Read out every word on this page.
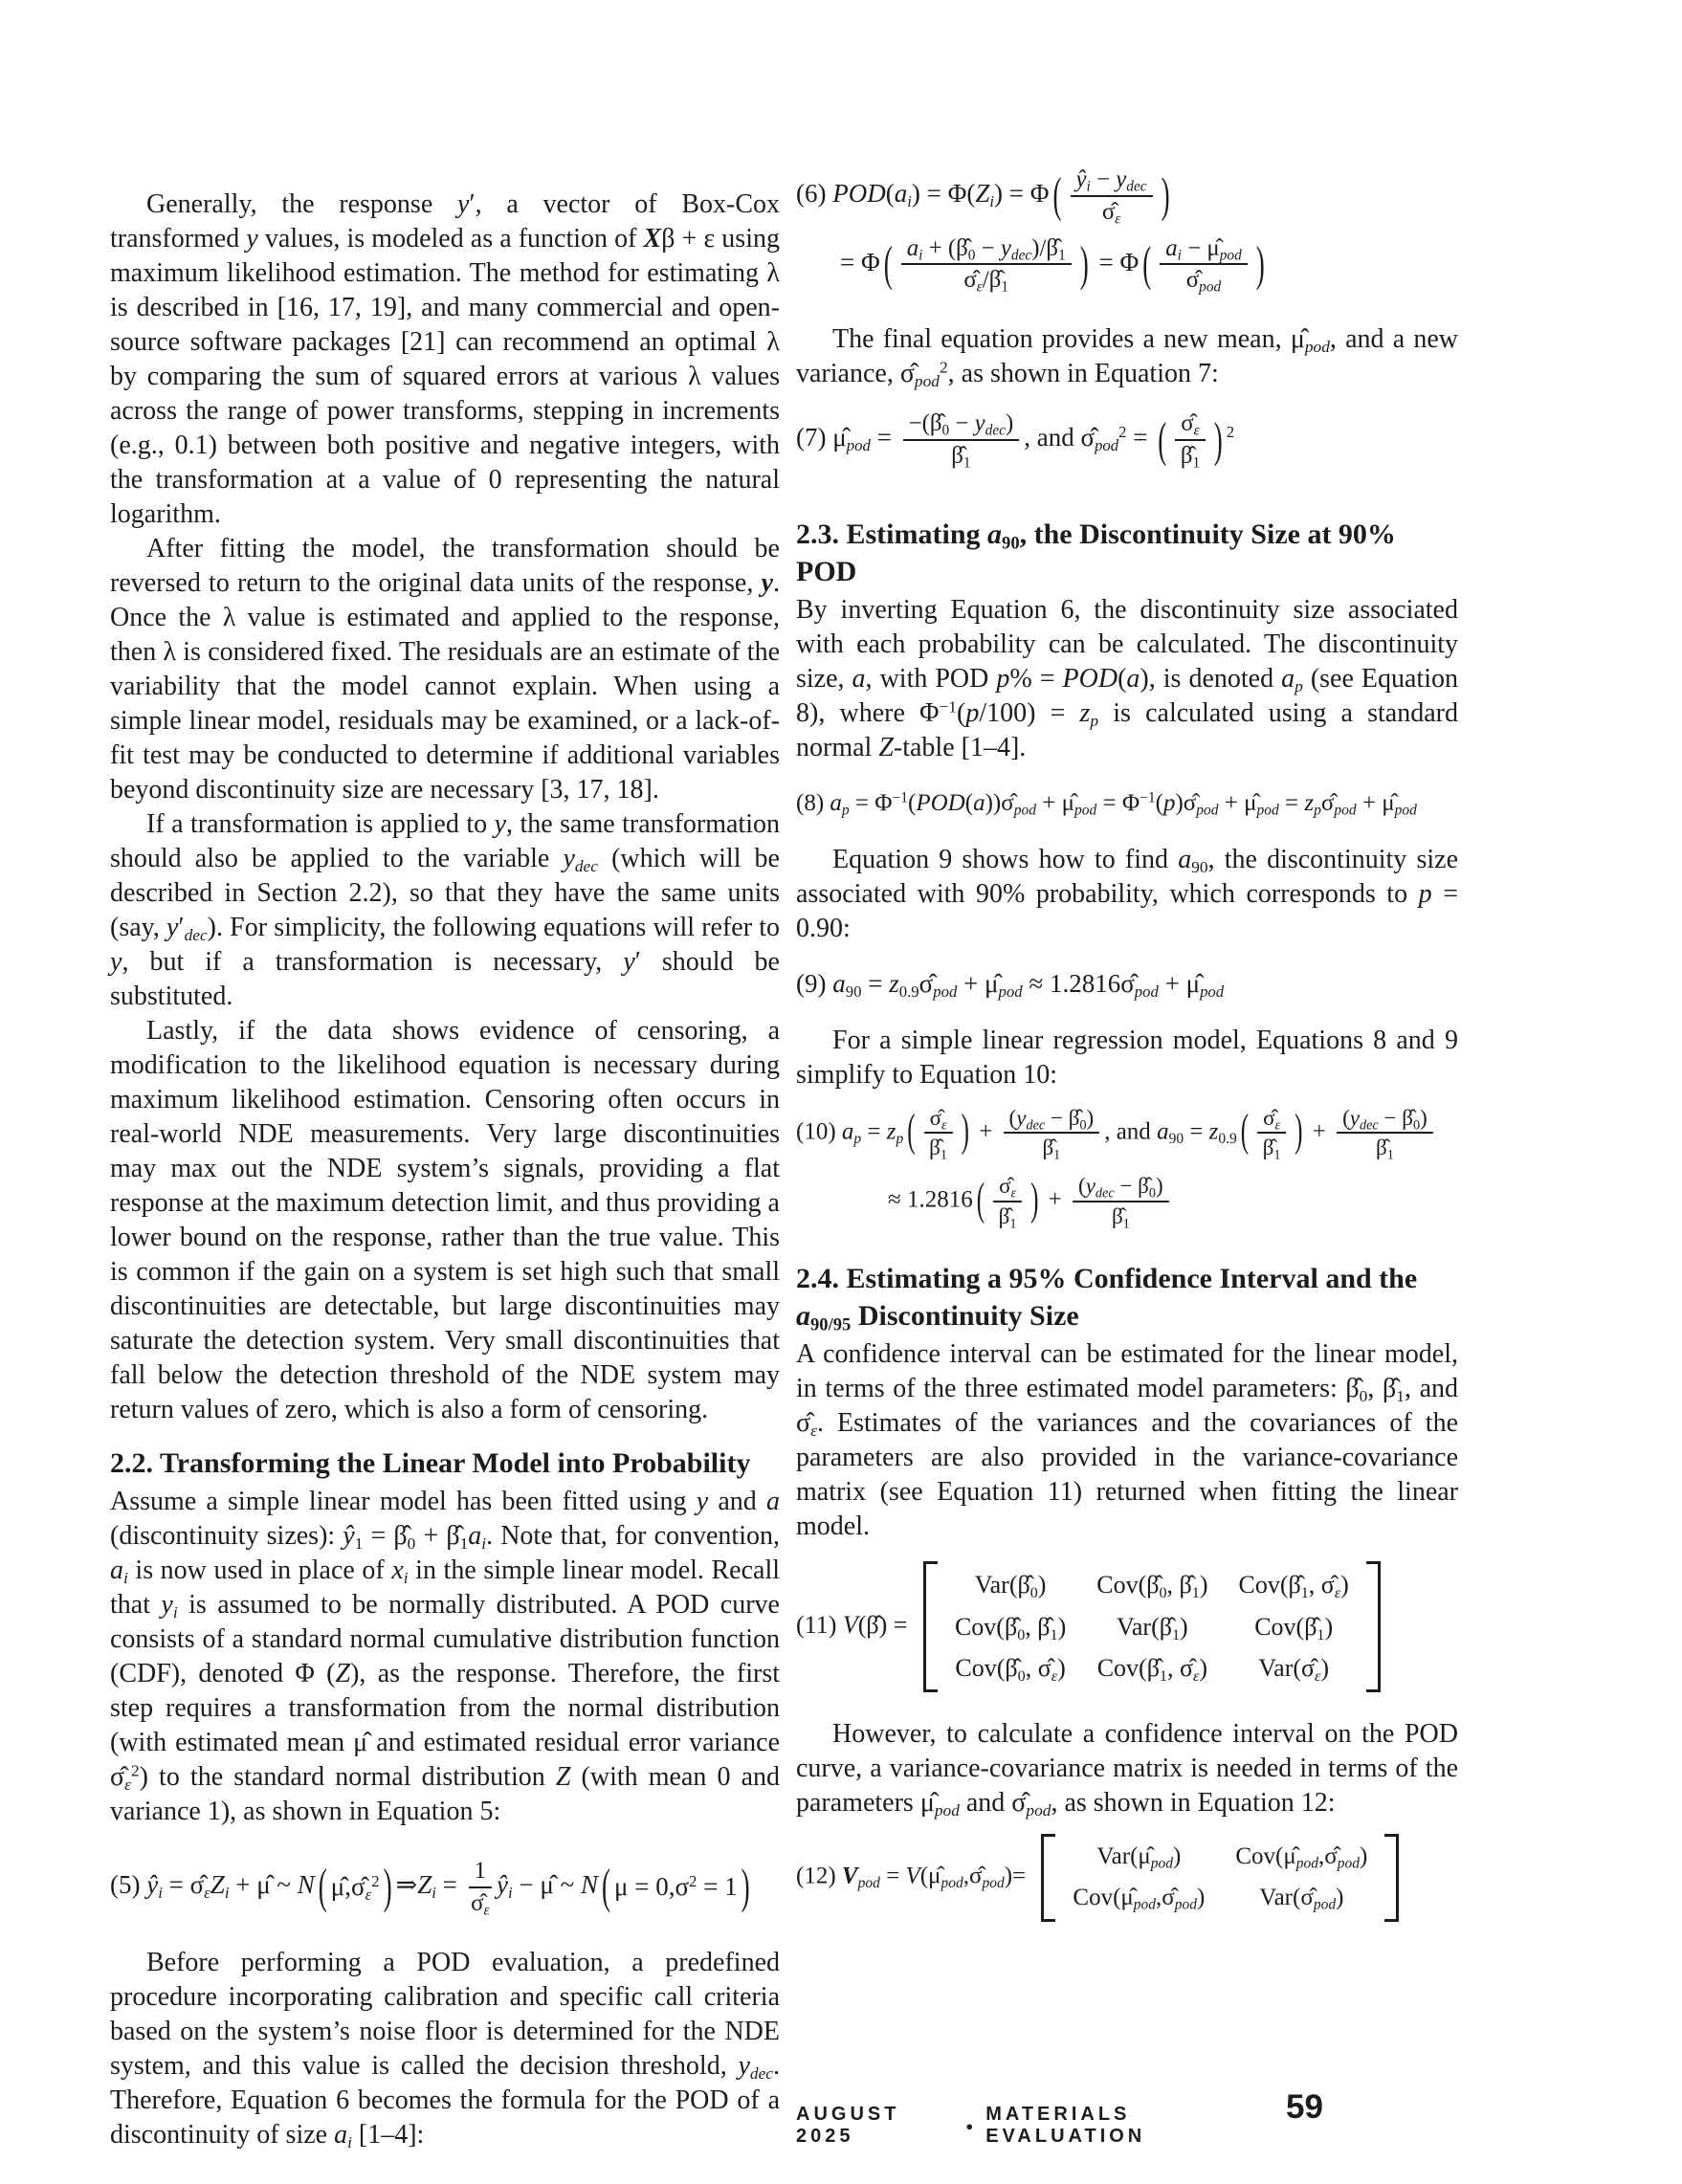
Generally, the response y′, a vector of Box-Cox transformed y values, is modeled as a function of Xβ + ε using maximum likelihood estimation. The method for estimating λ is described in [16, 17, 19], and many commercial and open-source software packages [21] can recommend an optimal λ by comparing the sum of squared errors at various λ values across the range of power transforms, stepping in increments (e.g., 0.1) between both positive and negative integers, with the transformation at a value of 0 representing the natural logarithm.

After fitting the model, the transformation should be reversed to return to the original data units of the response, y. Once the λ value is estimated and applied to the response, then λ is considered fixed. The residuals are an estimate of the variability that the model cannot explain. When using a simple linear model, residuals may be examined, or a lack-of-fit test may be conducted to determine if additional variables beyond discontinuity size are necessary [3, 17, 18].

If a transformation is applied to y, the same transformation should also be applied to the variable $y_{dec}$ (which will be described in Section 2.2), so that they have the same units (say, $y'_{dec}$). For simplicity, the following equations will refer to y, but if a transformation is necessary, y′ should be substituted.

Lastly, if the data shows evidence of censoring, a modification to the likelihood equation is necessary during maximum likelihood estimation. Censoring often occurs in real-world NDE measurements. Very large discontinuities may max out the NDE system’s signals, providing a flat response at the maximum detection limit, and thus providing a lower bound on the response, rather than the true value. This is common if the gain on a system is set high such that small discontinuities are detectable, but large discontinuities may saturate the detection system. Very small discontinuities that fall below the detection threshold of the NDE system may return values of zero, which is also a form of censoring.

2.2. Transforming the Linear Model into Probability

Assume a simple linear model has been fitted using y and a (discontinuity sizes): $ŷ_1$ = $\betâ_0$ + $\betâ_1a_i$. Note that, for convention, $a_i$ is now used in place of $x_i$ in the simple linear model. Recall that $y_i$ is assumed to be normally distributed. A POD curve consists of a standard normal cumulative distribution function (CDF), denoted Φ (Z), as the response. Therefore, the first step requires a transformation from the normal distribution (with estimated mean μ̂ and estimated residual error variance $\sigmâ_\varepsilon^2$) to the standard normal distribution Z (with mean 0 and variance 1), as shown in Equation 5:

(5) $ŷ_i$ = $\sigmâ_\varepsilon Z_i$ + μ̂ ~ N ( $\mû,\sigmâ_\varepsilon^2$ ) $\Rightarrow Z_i = \frac{1}{\sigmâ_\varepsilon}$ $ŷ_i$ − μ̂ ~ N ( $\mu = 0,\sigma^2 = 1$ )

Before performing a POD evaluation, a predefined procedure incorporating calibration and specific call criteria based on the system’s noise floor is determined for the NDE system, and this value is called the decision threshold, $y_{dec}$. Therefore, Equation 6 becomes the formula for the POD of a discontinuity of size $a_i$ [1–4]:

(6) $POD(a_i) = \Phi(Z_i) = \Phi$ ( $\frac{ŷ_i - y_{dec}}{\sigmâ_\varepsilon}$ )
= Φ ( $\frac{a_i + (\betâ_0 - y_{dec})/\betâ_1}{\sigmâ_\varepsilon/\betâ_1}$ ) = Φ ( $\frac{a_i - \mû_{pod}}{\sigmâ_{pod}}$ )

The final equation provides a new mean, $\mû_{pod}$, and a new variance, $\sigmâ_{pod}^2$, as shown in Equation 7:

(7) $\mû_{pod} = \frac{-(\betâ_0 - y_{dec})}{\betâ_1}$ , and $\sigmâ_{pod}^2$ = ( $\frac{\sigmâ_\varepsilon}{\betâ_1}$ ) $^2$
2.3. Estimating $a_{90}$, the Discontinuity Size at 90% POD

By inverting Equation 6, the discontinuity size associated with each probability can be calculated. The discontinuity size, a, with POD p% = POD(a), is denoted $a_p$ (see Equation 8), where $\Phi^{-1}(p/100) = z_p$ is calculated using a standard normal Z-table [1–4].

(8) $a_p$ = $\Phi^{-1}(POD(a))\sigmâ_{pod}$ + $\mû_{pod}$ = $\Phi^{-1}(p)\sigmâ_{pod}$ + $\mû_{pod}$ = $z_p\sigmâ_{pod}$ + $\mû_{pod}$

Equation 9 shows how to find $a_{90}$, the discontinuity size associated with 90% probability, which corresponds to p = 0.90:

(9) $a_{90}$ = $z_{0.9}\sigmâ_{pod}$ + $\mû_{pod}$ ≈ $1.2816\sigmâ_{pod}$ + $\mû_{pod}$

For a simple linear regression model, Equations 8 and 9 simplify to Equation 10:

(10) $a_p = z_p$ ( $\frac{\sigmâ_\varepsilon}{\betâ_1}$ ) + $\frac{(y_{dec} - \betâ_0)}{\betâ_1}$ , and $a_{90} = z_{0.9}$ ( $\frac{\sigmâ_\varepsilon}{\betâ_1}$ ) + $\frac{(y_{dec} - \betâ_0)}{\betâ_1}$
≈ 1.2816 ( $\frac{\sigmâ_\varepsilon}{\betâ_1}$ ) + $\frac{(y_{dec} - \betâ_0)}{\betâ_1}$
2.4. Estimating a 95% Confidence Interval and the $a_{90/95}$ Discontinuity Size

A confidence interval can be estimated for the linear model, in terms of the three estimated model parameters: $\betâ_0$, $\betâ_1$, and $\sigmâ_\varepsilon$. Estimates of the variances and the covariances of the parameters are also provided in the variance-covariance matrix (see Equation 11) returned when fitting the linear model.

(11) V(β̂) =
$Var(\betâ_0)$ $Cov(\betâ_0$, $\betâ_1$) $Cov(\betâ_1$, $\sigmâ_\varepsilon$)
$Cov(\betâ_0$, $\betâ_1$) $Var(\betâ_1)$	$Cov(\betâ_1)$
$Cov(\betâ_0$, $\sigmâ_\varepsilon$) $Cov(\betâ_1$, $\sigmâ_\varepsilon$) $Var(\sigmâ_\varepsilon)$

However, to calculate a confidence interval on the POD curve, a variance-covariance matrix is needed in terms of the parameters $\mû_{pod}$ and $\sigmâ_{pod}$, as shown in Equation 12:

(12) $V_{pod}$ = $V(\mû_{pod},\sigmâ_{pod})=$
$Var(\mû_{pod})$ $Cov(\mû_{pod},\sigmâ_{pod})$
$Cov(\mû_{pod},\sigmâ_{pod})$ $Var(\sigmâ_{pod})$
AUGUST 2025	●
MATERIALS EVALUATION
59
